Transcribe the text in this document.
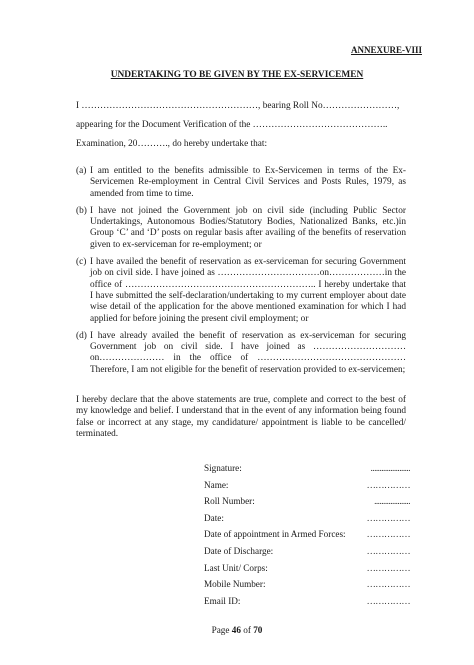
ANNEXURE-VIII
UNDERTAKING TO BE GIVEN BY THE EX-SERVICEMEN
I …………………………………………………, bearing Roll No……………………,
appearing for the Document Verification of the ……………………………………..
Examination, 20………., do hereby undertake that:
(a) I am entitled to the benefits admissible to Ex-Servicemen in terms of the Ex-Servicemen Re-employment in Central Civil Services and Posts Rules, 1979, as amended from time to time.
(b) I have not joined the Government job on civil side (including Public Sector Undertakings, Autonomous Bodies/Statutory Bodies, Nationalized Banks, etc.)in Group ‘C’ and ‘D’ posts on regular basis after availing of the benefits of reservation given to ex-serviceman for re-employment; or
(c) I have availed the benefit of reservation as ex-serviceman for securing Government job on civil side. I have joined as ……………………………on………………in the office of …………………………………………………….. I hereby undertake that I have submitted the self-declaration/undertaking to my current employer about date wise detail of the application for the above mentioned examination for which I had applied for before joining the present civil employment; or
(d) I have already availed the benefit of reservation as ex-serviceman for securing Government job on civil side. I have joined as …………………………on………………… in the office of ………………………………………… Therefore, I am not eligible for the benefit of reservation provided to ex-servicemen;
I hereby declare that the above statements are true, complete and correct to the best of my knowledge and belief. I understand that in the event of any information being found false or incorrect at any stage, my candidature/ appointment is liable to be cancelled/ terminated.
Signature:	......................
Name:	……………
Roll Number:	....................
Date:	……………
Date of appointment in Armed Forces: ……………
Date of Discharge:	……………
Last Unit/ Corps:	……………
Mobile Number:	……………
Email ID:	……………
Page 46 of 70
